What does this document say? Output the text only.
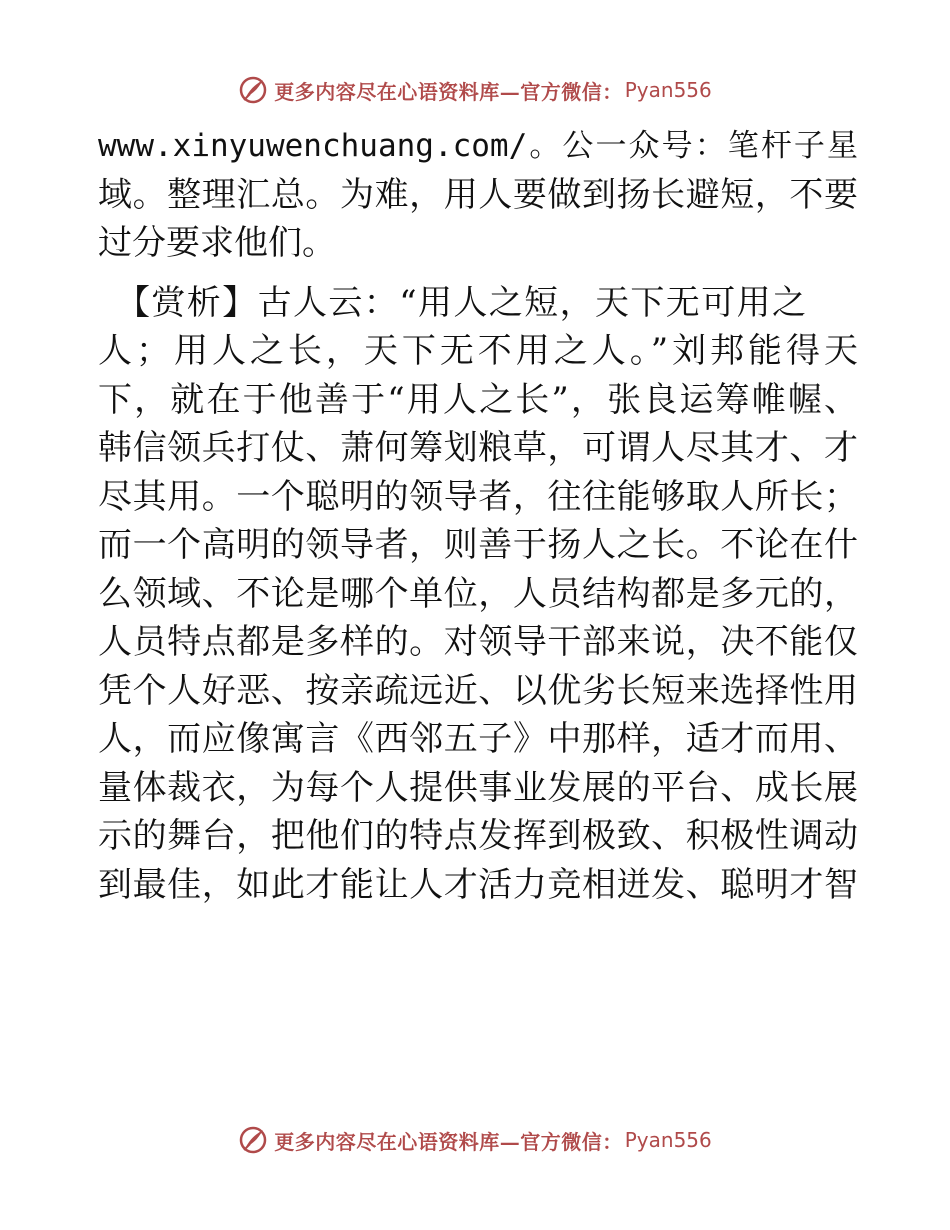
更多内容尽在心语资料库—官方微信： Pyan556
www.xinyuwenchuang.com/。公一众号：笔杆子星
域。整理汇总。为难，用人要做到扬长避短，不要
过分要求他们。
【赏析】古人云：“用人之短，天下无可用之
人；用人之长，天下无不用之人。”刘邦能得天
下，就在于他善于“用人之长”，张良运筹帷幄、
韩信领兵打仗、萧何筹划粮草，可谓人尽其才、才
尽其用。一个聪明的领导者，往往能够取人所长；
而一个高明的领导者，则善于扬人之长。不论在什
么领域、不论是哪个单位，人员结构都是多元的，
人员特点都是多样的。对领导干部来说，决不能仅
凭个人好恶、按亲疏远近、以优劣长短来选择性用
人，而应像寓言《西邻五子》中那样，适才而用、
量体裁衣，为每个人提供事业发展的平台、成长展
示的舞台，把他们的特点发挥到极致、积极性调动
到最佳，如此才能让人才活力竞相迸发、聪明才智
更多内容尽在心语资料库—官方微信： Pyan556
